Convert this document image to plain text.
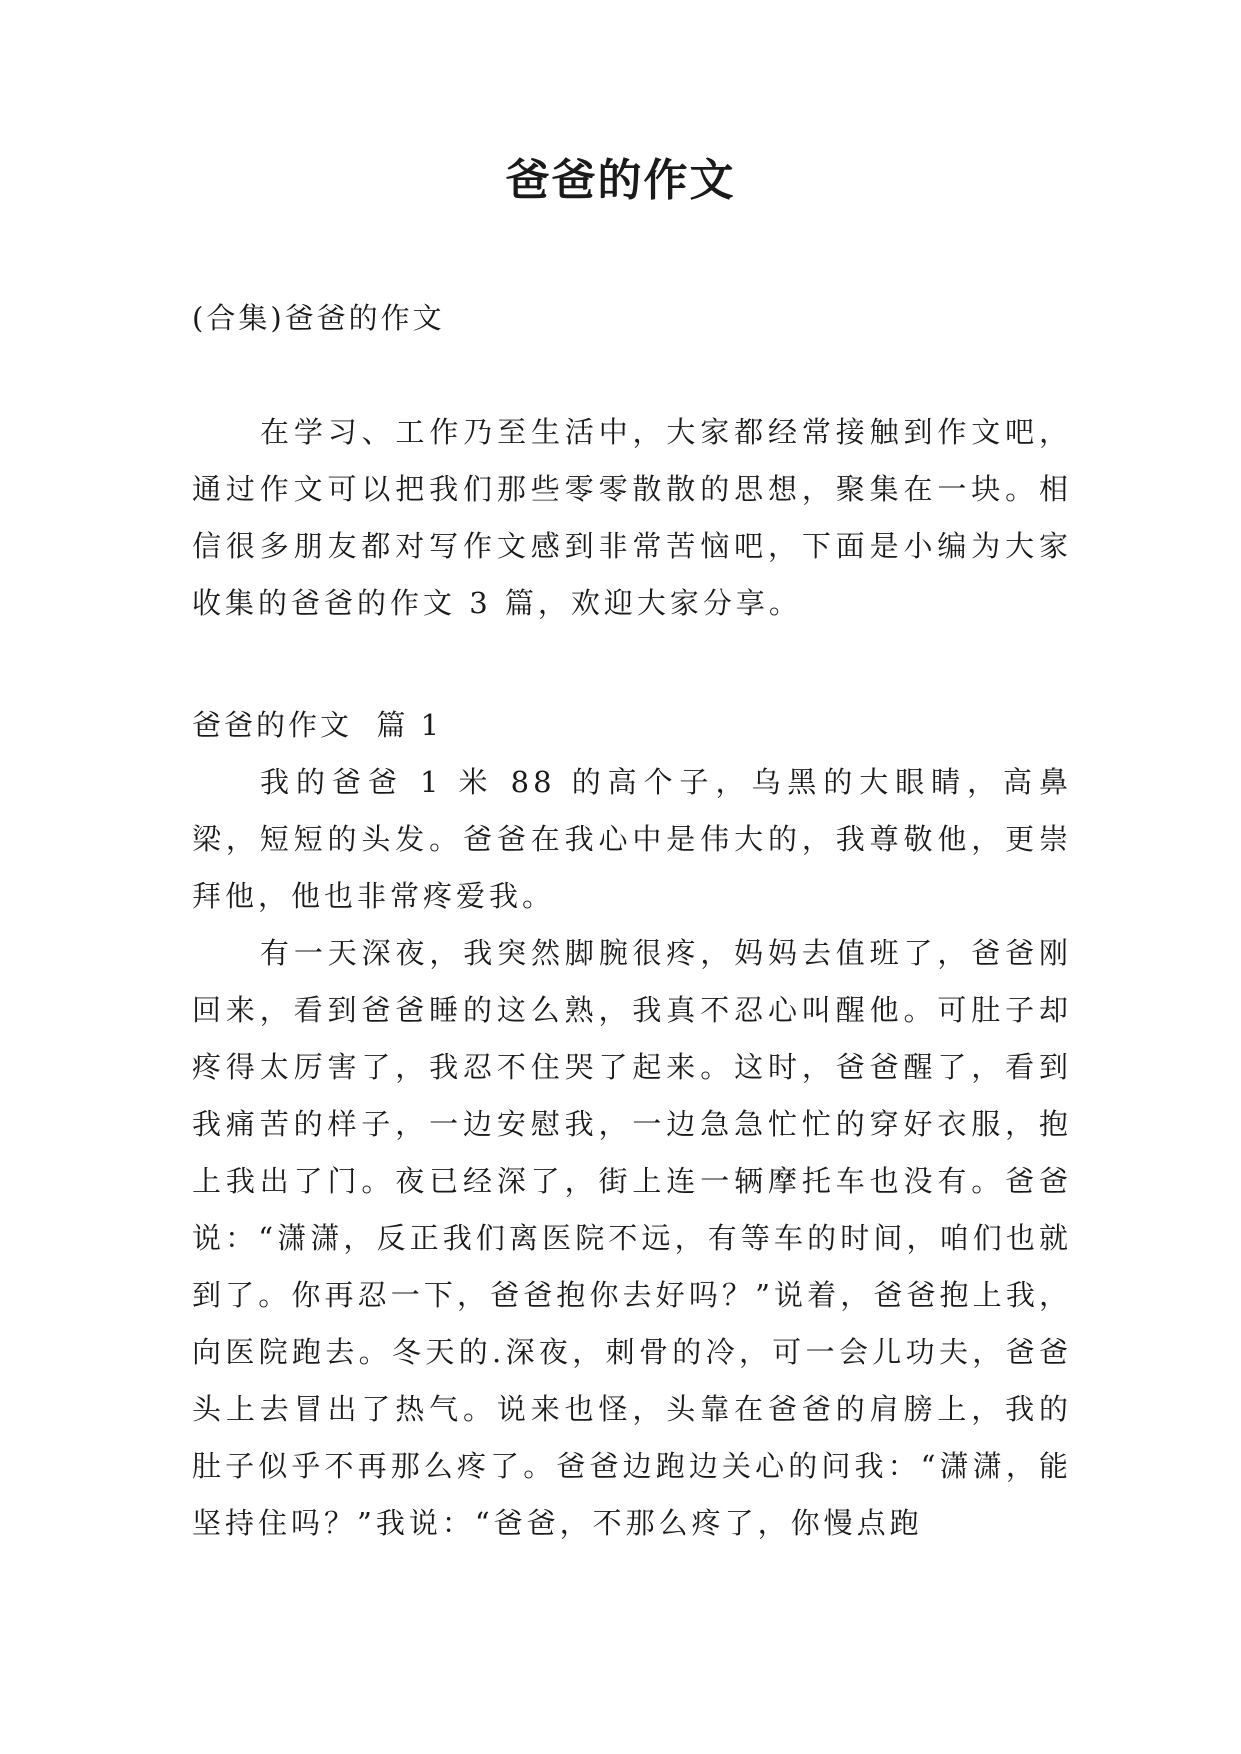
爸爸的作文

(合集)爸爸的作文

在学习、工作乃至生活中，大家都经常接触到作文吧，通过作文可以把我们那些零零散散的思想，聚集在一块。相信很多朋友都对写作文感到非常苦恼吧，下面是小编为大家收集的爸爸的作文 3 篇，欢迎大家分享。

爸爸的作文  篇 1

我的爸爸 1 米 88 的高个子，乌黑的大眼睛，高鼻梁，短短的头发。爸爸在我心中是伟大的，我尊敬他，更崇拜他，他也非常疼爱我。

有一天深夜，我突然脚腕很疼，妈妈去值班了，爸爸刚回来，看到爸爸睡的这么熟，我真不忍心叫醒他。可肚子却疼得太厉害了，我忍不住哭了起来。这时，爸爸醒了，看到我痛苦的样子，一边安慰我，一边急急忙忙的穿好衣服，抱上我出了门。夜已经深了，街上连一辆摩托车也没有。爸爸说：“潇潇，反正我们离医院不远，有等车的时间，咱们也就到了。你再忍一下，爸爸抱你去好吗？”说着，爸爸抱上我，向医院跑去。冬天的.深夜，刺骨的冷，可一会儿功夫，爸爸头上去冒出了热气。说来也怪，头靠在爸爸的肩膀上，我的肚子似乎不再那么疼了。爸爸边跑边关心的问我：“潇潇，能坚持住吗？”我说：“爸爸，不那么疼了，你慢点跑
